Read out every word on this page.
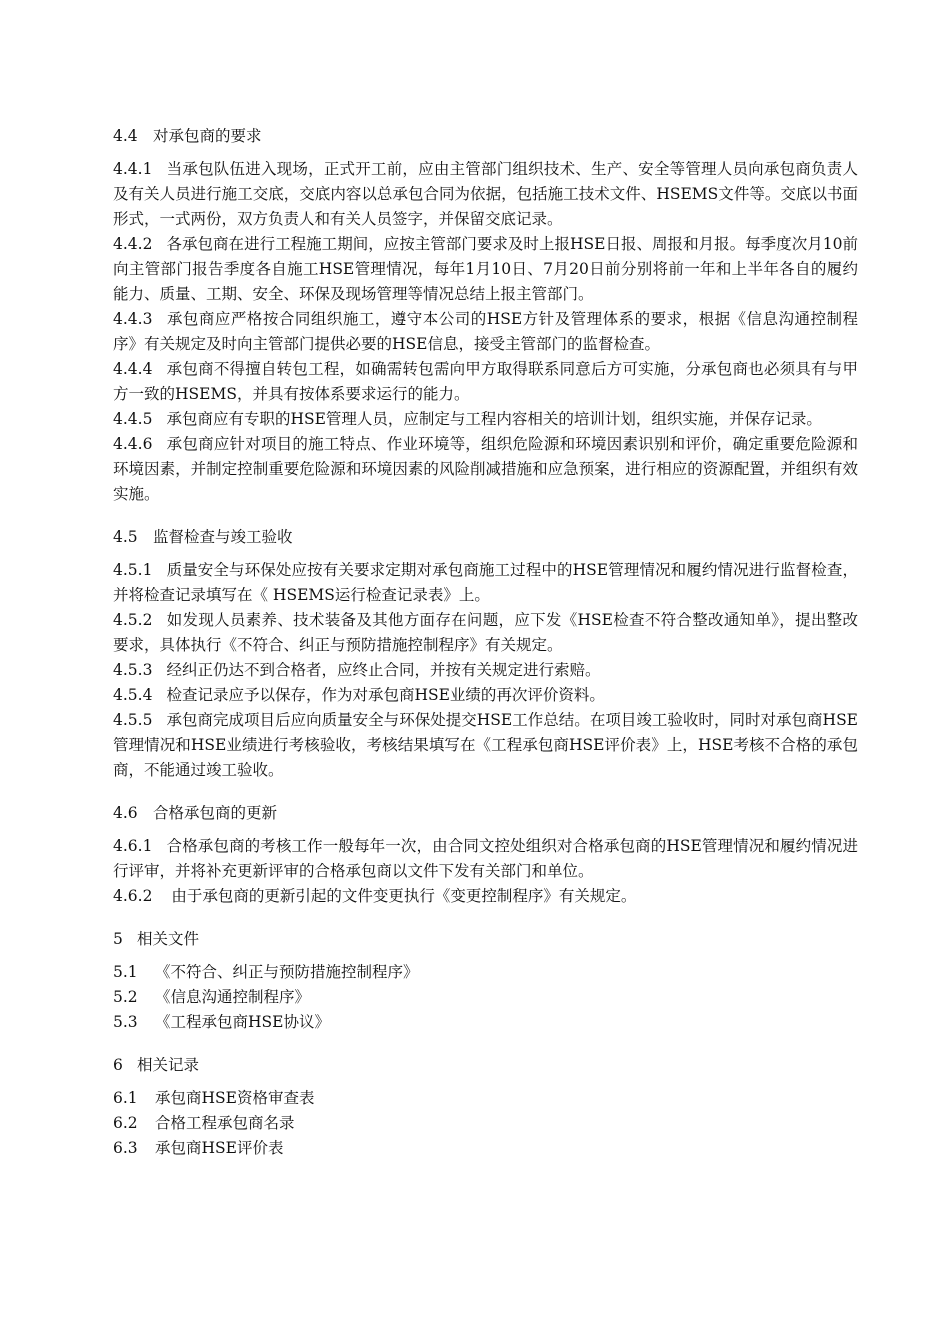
4.4 对承包商的要求

4.4.1 当承包队伍进入现场，正式开工前，应由主管部门组织技术、生产、安全等管理人员向承包商负责人及有关人员进行施工交底，交底内容以总承包合同为依据，包括施工技术文件、HSEMS文件等。交底以书面形式，一式两份，双方负责人和有关人员签字，并保留交底记录。

4.4.2 各承包商在进行工程施工期间，应按主管部门要求及时上报HSE日报、周报和月报。每季度次月10前向主管部门报告季度各自施工HSE管理情况，每年1月10日、7月20日前分别将前一年和上半年各自的履约能力、质量、工期、安全、环保及现场管理等情况总结上报主管部门。

4.4.3 承包商应严格按合同组织施工，遵守本公司的HSE方针及管理体系的要求，根据《信息沟通控制程序》有关规定及时向主管部门提供必要的HSE信息，接受主管部门的监督检查。

4.4.4 承包商不得擅自转包工程，如确需转包需向甲方取得联系同意后方可实施，分承包商也必须具有与甲方一致的HSEMS，并具有按体系要求运行的能力。

4.4.5 承包商应有专职的HSE管理人员，应制定与工程内容相关的培训计划，组织实施，并保存记录。

4.4.6 承包商应针对项目的施工特点、作业环境等，组织危险源和环境因素识别和评价，确定重要危险源和环境因素，并制定控制重要危险源和环境因素的风险削减措施和应急预案，进行相应的资源配置，并组织有效实施。

4.5 监督检查与竣工验收

4.5.1 质量安全与环保处应按有关要求定期对承包商施工过程中的HSE管理情况和履约情况进行监督检查，并将检查记录填写在《 HSEMS运行检查记录表》上。

4.5.2 如发现人员素养、技术装备及其他方面存在问题，应下发《HSE检查不符合整改通知单》，提出整改要求，具体执行《不符合、纠正与预防措施控制程序》有关规定。

4.5.3 经纠正仍达不到合格者，应终止合同，并按有关规定进行索赔。

4.5.4 检查记录应予以保存，作为对承包商HSE业绩的再次评价资料。

4.5.5 承包商完成项目后应向质量安全与环保处提交HSE工作总结。在项目竣工验收时，同时对承包商HSE管理情况和HSE业绩进行考核验收，考核结果填写在《工程承包商HSE评价表》上，HSE考核不合格的承包商，不能通过竣工验收。

4.6 合格承包商的更新

4.6.1 合格承包商的考核工作一般每年一次，由合同文控处组织对合格承包商的HSE管理情况和履约情况进行评审，并将补充更新评审的合格承包商以文件下发有关部门和单位。

4.6.2 由于承包商的更新引起的文件变更执行《变更控制程序》有关规定。

5 相关文件

5.1 《不符合、纠正与预防措施控制程序》

5.2 《信息沟通控制程序》

5.3 《工程承包商HSE协议》

6 相关记录

6.1 承包商HSE资格审查表

6.2 合格工程承包商名录

6.3 承包商HSE评价表
